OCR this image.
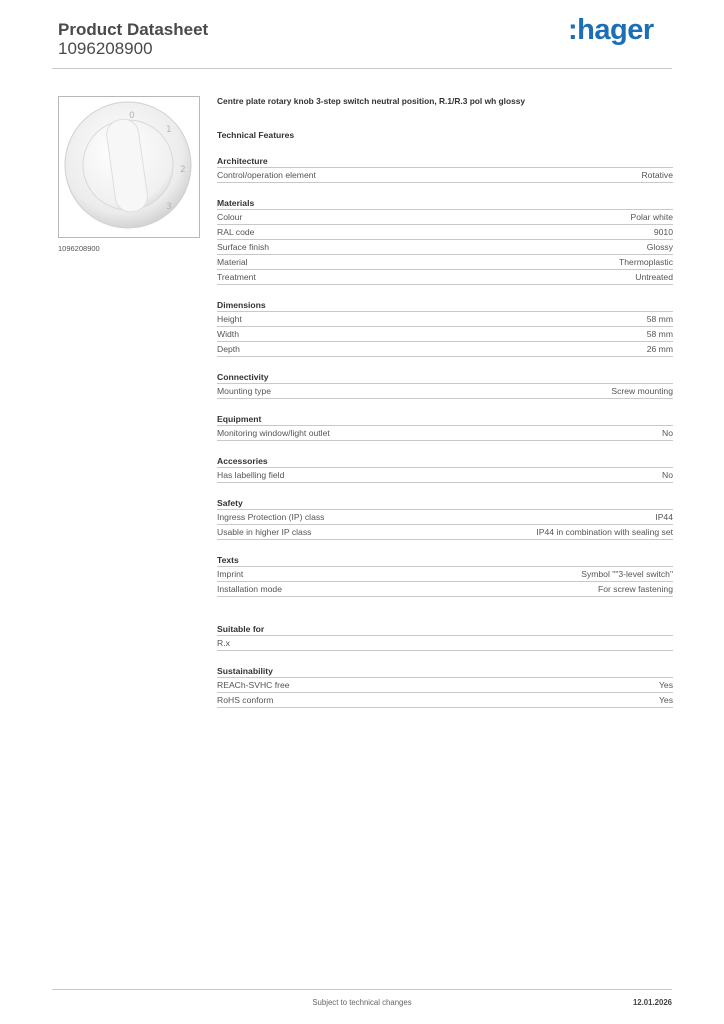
Product Datasheet
1096208900
:hager
0
1
2
3
1096208900
Centre plate rotary knob 3-step switch neutral position, R.1/R.3 pol wh glossy
Technical Features
Architecture
Control/operation element	Rotative
Materials
Colour	Polar white
RAL code	9010
Surface finish	Glossy
Material	Thermoplastic
Treatment	Untreated
Dimensions
Height	58 mm
Width	58 mm
Depth	26 mm
Connectivity
Mounting type	Screw mounting
Equipment
Monitoring window/light outlet	No
Accessories
Has labelling field	No
Safety
Ingress Protection (IP) class	IP44
Usable in higher IP class	IP44 in combination with sealing set
Texts
Imprint	Symbol ""3-level switch"
Installation mode	For screw fastening
Suitable for
R.x
Sustainability
REACh-SVHC free	Yes
RoHS conform	Yes
Subject to technical changes	12.01.2026
